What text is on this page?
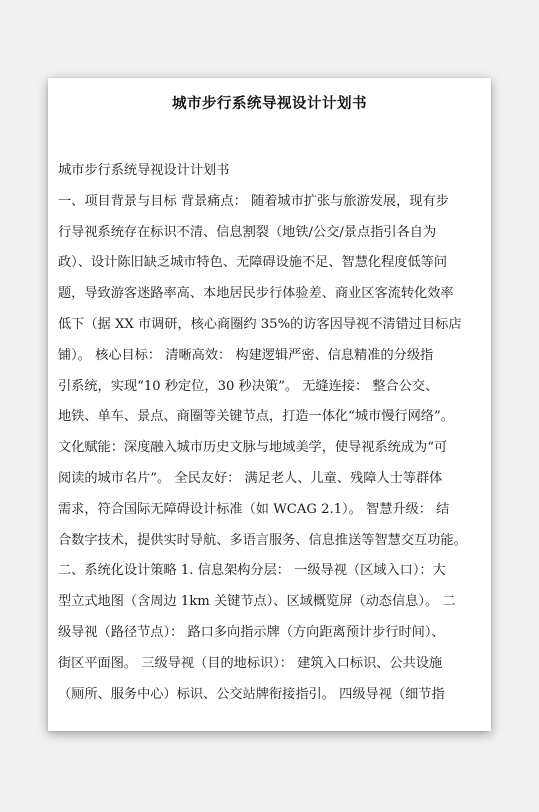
城市步行系统导视设计计划书
城市步行系统导视设计计划书
一、项目背景与目标 背景痛点： 随着城市扩张与旅游发展，现有步
行导视系统存在标识不清、信息割裂（地铁/公交/景点指引各自为
政）、设计陈旧缺乏城市特色、无障碍设施不足、智慧化程度低等问
题，导致游客迷路率高、本地居民步行体验差、商业区客流转化效率
低下（据 XX 市调研，核心商圈约 35%的访客因导视不清错过目标店
铺）。 核心目标： 清晰高效： 构建逻辑严密、信息精准的分级指
引系统，实现“10 秒定位，30 秒决策”。 无缝连接： 整合公交、
地铁、单车、景点、商圈等关键节点，打造一体化“城市慢行网络”。
文化赋能：深度融入城市历史文脉与地域美学，使导视系统成为“可
阅读的城市名片”。 全民友好： 满足老人、儿童、残障人士等群体
需求，符合国际无障碍设计标准（如 WCAG 2.1）。 智慧升级： 结
合数字技术，提供实时导航、多语言服务、信息推送等智慧交互功能。
二、系统化设计策略 1. 信息架构分层： 一级导视（区域入口）：大
型立式地图（含周边 1km 关键节点）、区域概览屏（动态信息）。 二
级导视（路径节点）： 路口多向指示牌（方向距离预计步行时间）、
街区平面图。 三级导视（目的地标识）： 建筑入口标识、公共设施
（厕所、服务中心）标识、公交站牌衔接指引。 四级导视（细节指
